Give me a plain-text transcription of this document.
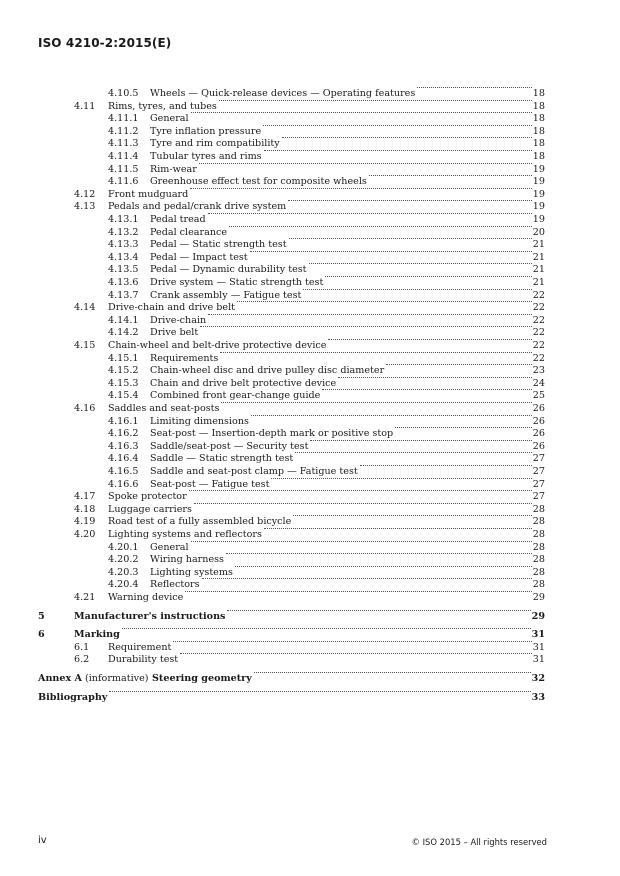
ISO 4210-2:2015(E)
4.10.5 Wheels — Quick-release devices — Operating features	18
4.11 Rims, tyres, and tubes	18
4.11.1 General	18
4.11.2 Tyre inflation pressure	18
4.11.3 Tyre and rim compatibility	18
4.11.4 Tubular tyres and rims	18
4.11.5 Rim-wear	19
4.11.6 Greenhouse effect test for composite wheels	19
4.12 Front mudguard	19
4.13 Pedals and pedal/crank drive system	19
4.13.1 Pedal tread	19
4.13.2 Pedal clearance	20
4.13.3 Pedal — Static strength test	21
4.13.4 Pedal — Impact test	21
4.13.5 Pedal — Dynamic durability test	21
4.13.6 Drive system — Static strength test	21
4.13.7 Crank assembly — Fatigue test	22
4.14 Drive-chain and drive belt	22
4.14.1 Drive-chain	22
4.14.2 Drive belt	22
4.15 Chain-wheel and belt-drive protective device	22
4.15.1 Requirements	22
4.15.2 Chain-wheel disc and drive pulley disc diameter	23
4.15.3 Chain and drive belt protective device	24
4.15.4 Combined front gear-change guide	25
4.16 Saddles and seat-posts	26
4.16.1 Limiting dimensions	26
4.16.2 Seat-post — Insertion-depth mark or positive stop	26
4.16.3 Saddle/seat-post — Security test	26
4.16.4 Saddle — Static strength test	27
4.16.5 Saddle and seat-post clamp — Fatigue test	27
4.16.6 Seat-post — Fatigue test	27
4.17 Spoke protector	27
4.18 Luggage carriers	28
4.19 Road test of a fully assembled bicycle	28
4.20 Lighting systems and reflectors	28
4.20.1 General	28
4.20.2 Wiring harness	28
4.20.3 Lighting systems	28
4.20.4 Reflectors	28
4.21 Warning device	29
5	Manufacturer's instructions	29
6	Marking	31
6.1 Requirement	31
6.2 Durability test	31
Annex A (informative) Steering geometry	32
Bibliography	33
iv	© ISO 2015 – All rights reserved
